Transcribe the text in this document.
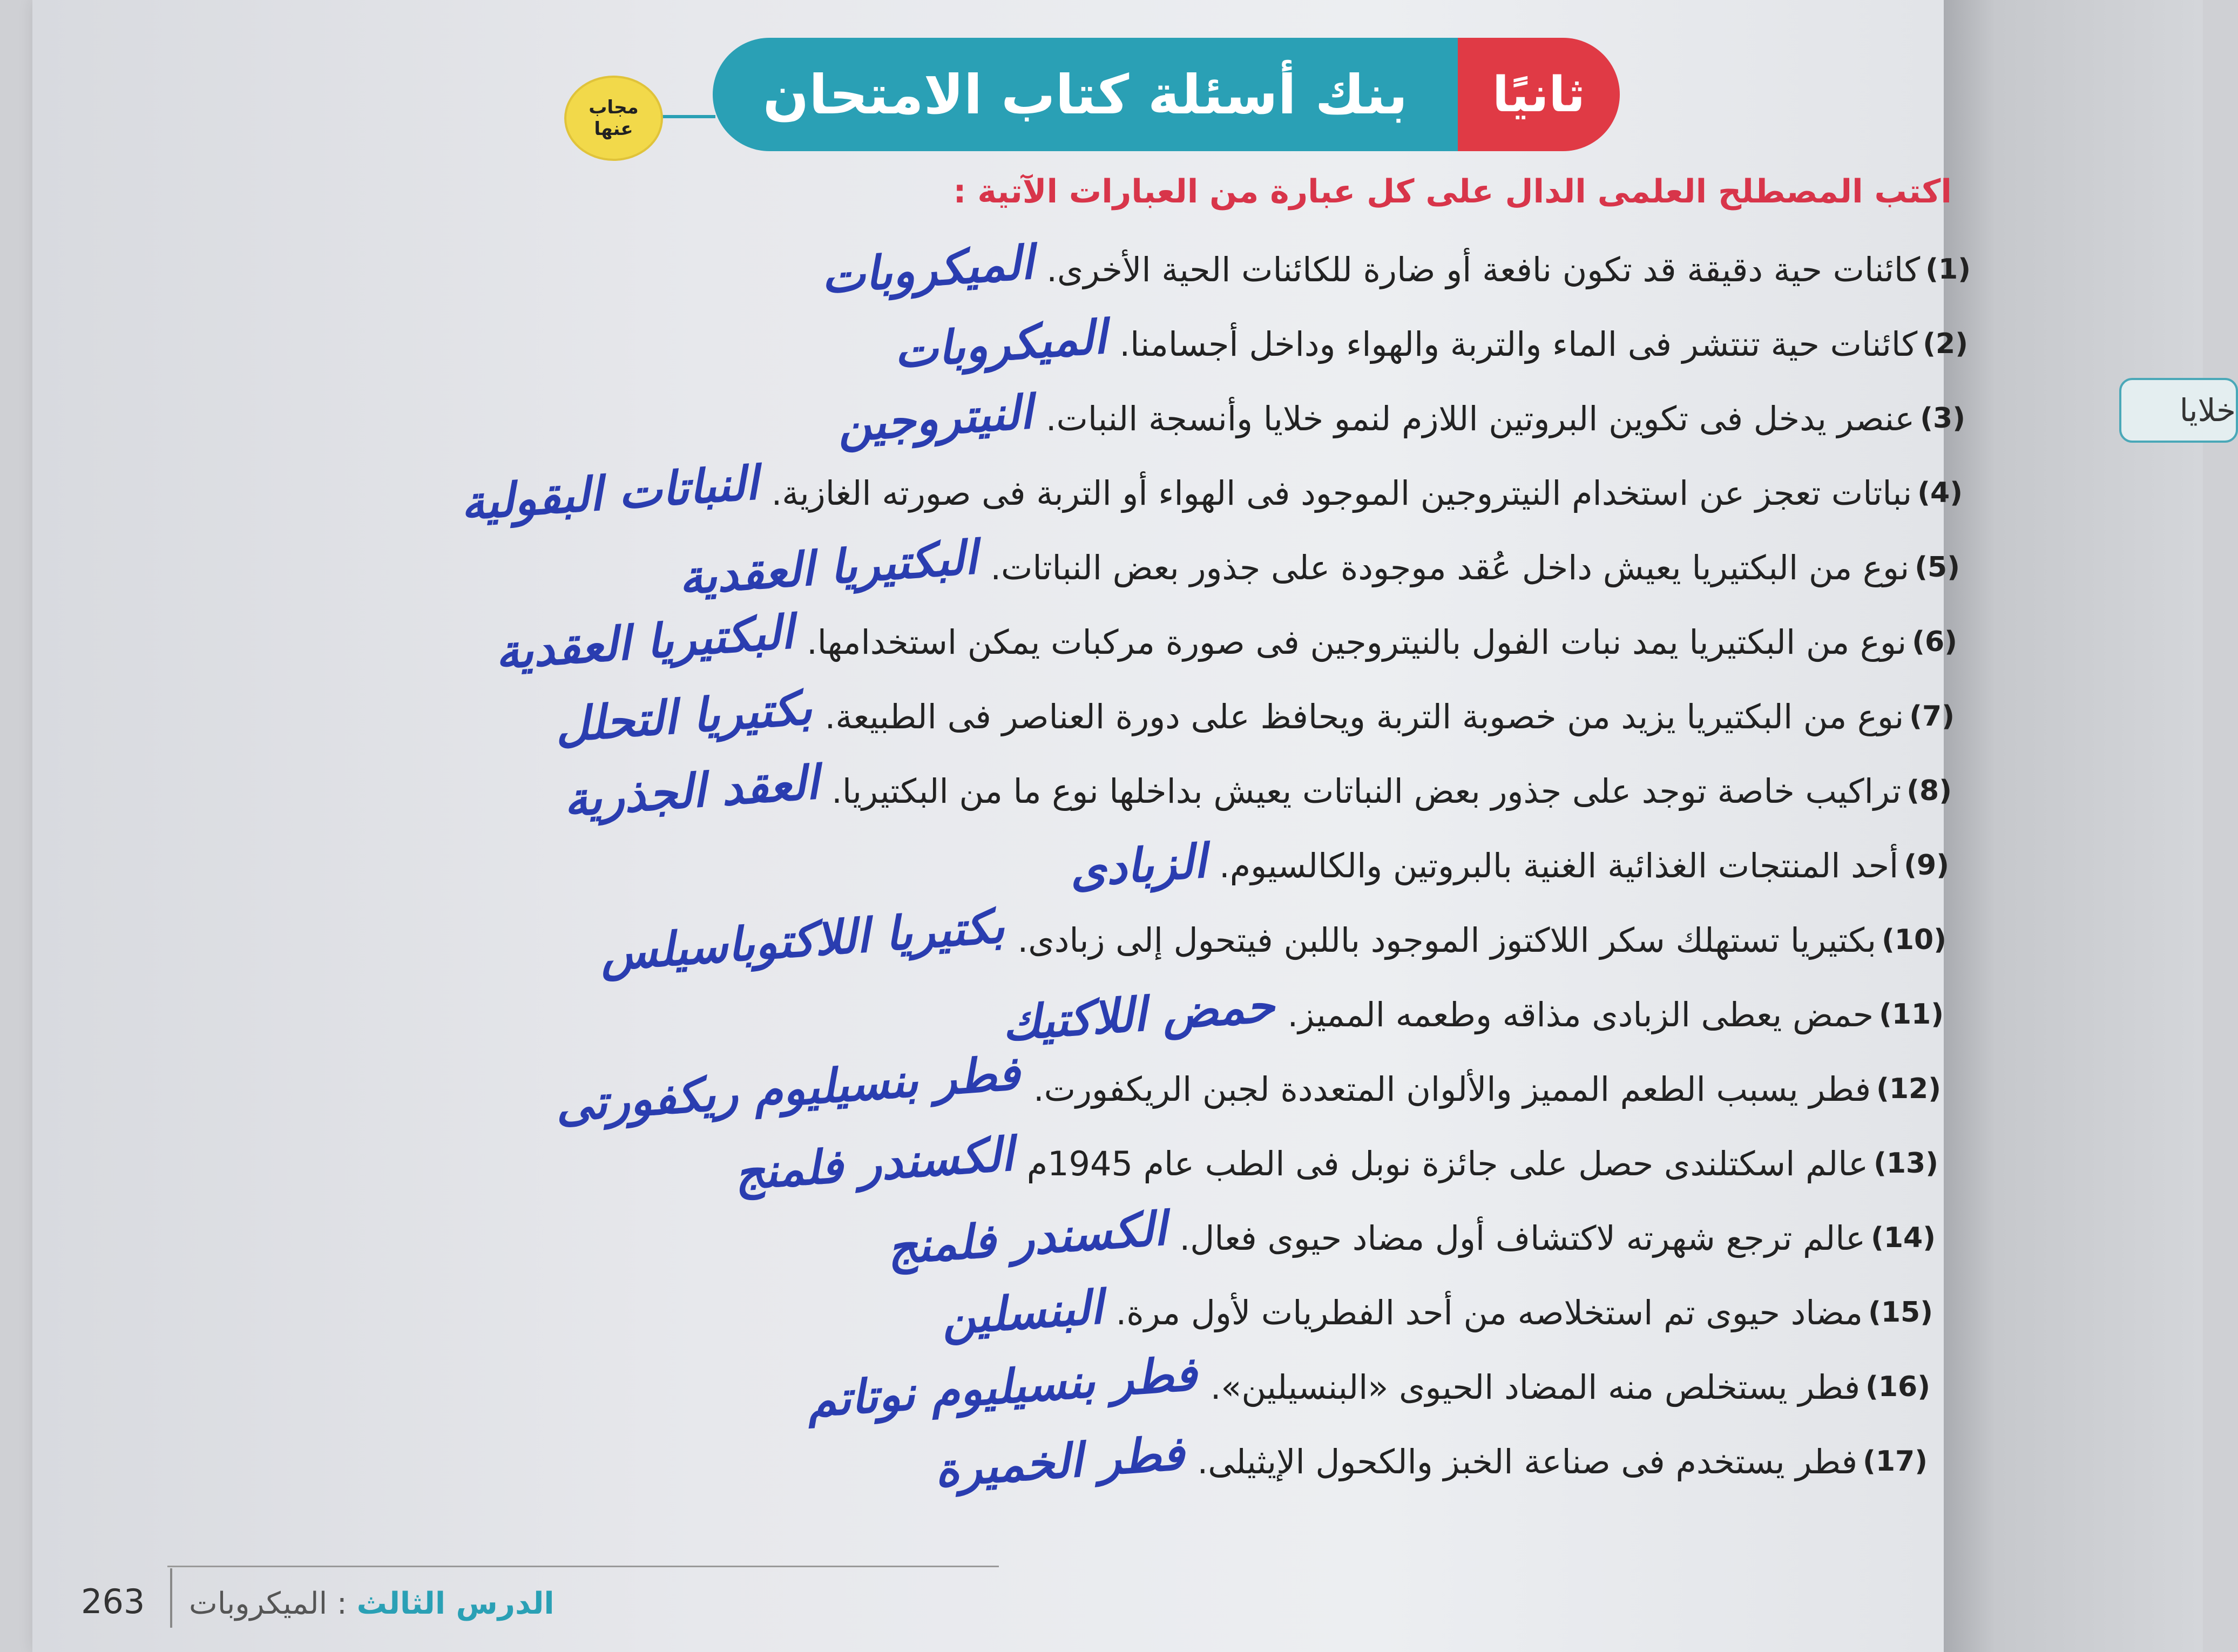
خلايا
مجاب عنها
بنك أسئلة كتاب الامتحان	ثانيًا
اكتب المصطلح العلمى الدال على كل عبارة من العبارات الآتية :
(1)
كائنات حية دقيقة قد تكون نافعة أو ضارة للكائنات الحية الأخرى.
الميكروبات
(2)
كائنات حية تنتشر فى الماء والتربة والهواء وداخل أجسامنا.
الميكروبات
(3)
عنصر يدخل فى تكوين البروتين اللازم لنمو خلايا وأنسجة النبات.
النيتروجين
(4)
نباتات تعجز عن استخدام النيتروجين الموجود فى الهواء أو التربة فى صورته الغازية.
النباتات البقولية
(5)
نوع من البكتيريا يعيش داخل عُقد موجودة على جذور بعض النباتات.
البكتيريا العقدية
(6)
نوع من البكتيريا يمد نبات الفول بالنيتروجين فى صورة مركبات يمكن استخدامها.
البكتيريا العقدية
(7)
نوع من البكتيريا يزيد من خصوبة التربة ويحافظ على دورة العناصر فى الطبيعة.
بكتيريا التحلل
(8)
تراكيب خاصة توجد على جذور بعض النباتات يعيش بداخلها نوع ما من البكتيريا.
العقد الجذرية
(9)
أحد المنتجات الغذائية الغنية بالبروتين والكالسيوم.
الزبادى
(10)
بكتيريا تستهلك سكر اللاكتوز الموجود باللبن فيتحول إلى زبادى.
بكتيريا اللاكتوباسيلس
(11)
حمض يعطى الزبادى مذاقه وطعمه المميز.
حمض اللاكتيك
(12)
فطر يسبب الطعم المميز والألوان المتعددة لجبن الريكفورت.
فطر بنسيليوم ريكفورتى
(13)
عالم اسكتلندى حصل على جائزة نوبل فى الطب عام 1945م
الكسندر فلمنج
(14)
عالم ترجع شهرته لاكتشاف أول مضاد حيوى فعال.
الكسندر فلمنج
(15)
مضاد حيوى تم استخلاصه من أحد الفطريات لأول مرة.
البنسلين
(16)
فطر يستخلص منه المضاد الحيوى «البنسيلين».
فطر بنسيليوم نوتاتم
(17)
فطر يستخدم فى صناعة الخبز والكحول الإيثيلى.
فطر الخميرة
263	الدرس الثالث : الميكروبات
